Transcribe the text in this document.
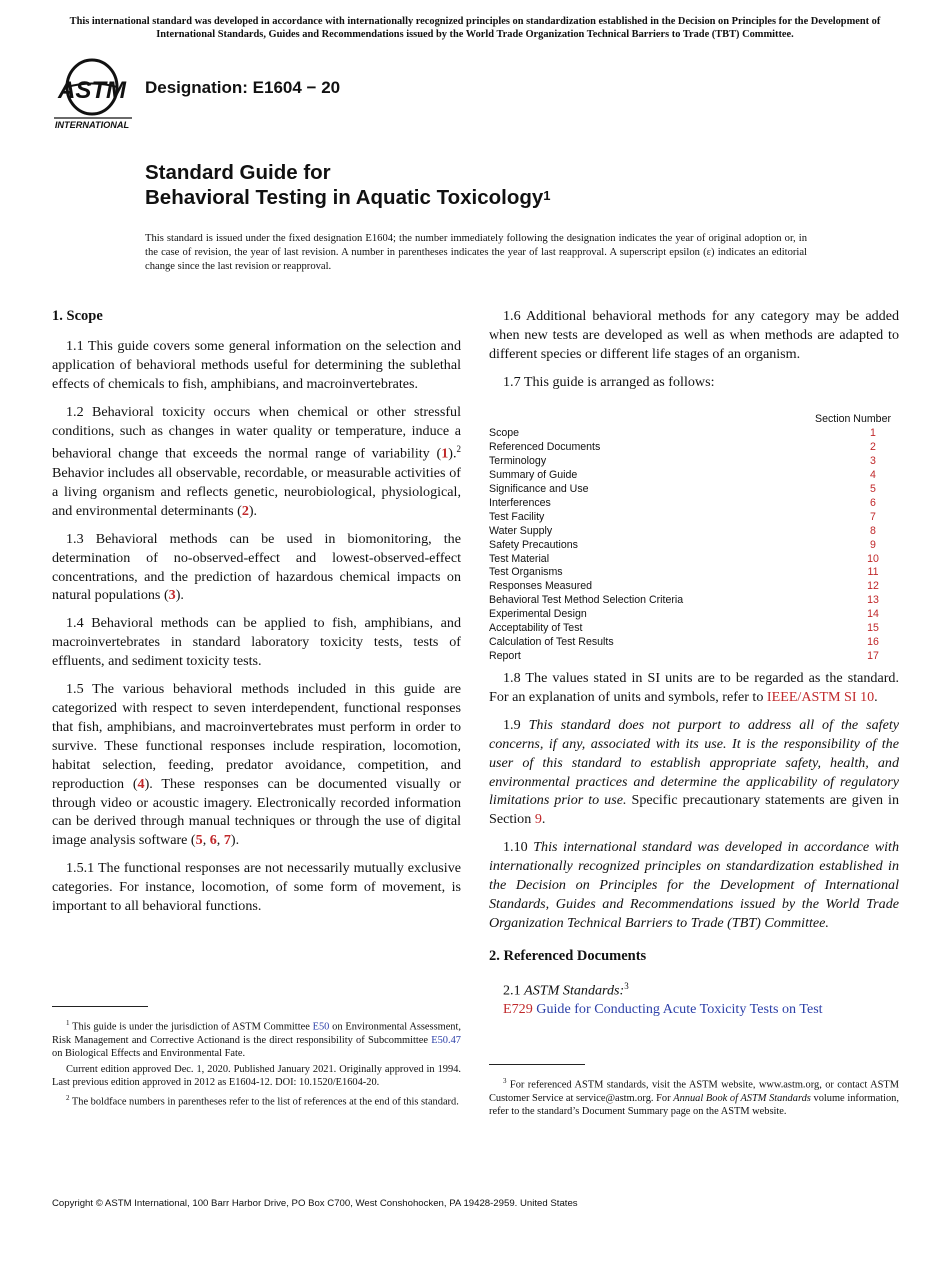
This international standard was developed in accordance with internationally recognized principles on standardization established in the Decision on Principles for the Development of International Standards, Guides and Recommendations issued by the World Trade Organization Technical Barriers to Trade (TBT) Committee.
ASTM
INTERNATIONAL
Designation: E1604 − 20
Standard Guide for
Behavioral Testing in Aquatic Toxicology$^1$
This standard is issued under the fixed designation E1604; the number immediately following the designation indicates the year of original adoption or, in the case of revision, the year of last revision. A number in parentheses indicates the year of last reapproval. A superscript epsilon (ε) indicates an editorial change since the last revision or reapproval.
1. Scope

1.1 This guide covers some general information on the selection and application of behavioral methods useful for determining the sublethal effects of chemicals to fish, amphibians, and macroinvertebrates.

1.2 Behavioral toxicity occurs when chemical or other stressful conditions, such as changes in water quality or temperature, induce a behavioral change that exceeds the normal range of variability (1).$^2$ Behavior includes all observable, recordable, or measurable activities of a living organism and reflects genetic, neurobiological, physiological, and environmental determinants (2).

1.3 Behavioral methods can be used in biomonitoring, the determination of no-observed-effect and lowest-observed-effect concentrations, and the prediction of hazardous chemical impacts on natural populations (3).

1.4 Behavioral methods can be applied to fish, amphibians, and macroinvertebrates in standard laboratory toxicity tests, tests of effluents, and sediment toxicity tests.

1.5 The various behavioral methods included in this guide are categorized with respect to seven interdependent, functional responses that fish, amphibians, and macroinvertebrates must perform in order to survive. These functional responses include respiration, locomotion, habitat selection, feeding, predator avoidance, competition, and reproduction (4). These responses can be documented visually or through video or acoustic imagery. Electronically recorded information can be derived through manual techniques or through the use of digital image analysis software (5, 6, 7).

1.5.1 The functional responses are not necessarily mutually exclusive categories. For instance, locomotion, of some form of movement, is important to all behavioral functions.

$^1$ This guide is under the jurisdiction of ASTM Committee E50 on Environmental Assessment, Risk Management and Corrective Actionand is the direct responsibility of Subcommittee E50.47 on Biological Effects and Environmental Fate.

Current edition approved Dec. 1, 2020. Published January 2021. Originally approved in 1994. Last previous edition approved in 2012 as E1604-12. DOI: 10.1520/E1604-20.

$^2$ The boldface numbers in parentheses refer to the list of references at the end of this standard.

1.6 Additional behavioral methods for any category may be added when new tests are developed as well as when methods are adapted to different species or different life stages of an organism.

1.7 This guide is arranged as follows:

Section Number
Scope	1
Referenced Documents	2
Terminology	3
Summary of Guide	4
Significance and Use	5
Interferences	6
Test Facility	7
Water Supply	8
Safety Precautions	9
Test Material	10
Test Organisms	11
Responses Measured	12
Behavioral Test Method Selection Criteria	13
Experimental Design	14
Acceptability of Test	15
Calculation of Test Results	16
Report	17

1.8 The values stated in SI units are to be regarded as the standard. For an explanation of units and symbols, refer to IEEE/ASTM SI 10.

1.9 This standard does not purport to address all of the safety concerns, if any, associated with its use. It is the responsibility of the user of this standard to establish appropriate safety, health, and environmental practices and determine the applicability of regulatory limitations prior to use. Specific precautionary statements are given in Section 9.

1.10 This international standard was developed in accordance with internationally recognized principles on standardization established in the Decision on Principles for the Development of International Standards, Guides and Recommendations issued by the World Trade Organization Technical Barriers to Trade (TBT) Committee.

2. Referenced Documents

2.1 ASTM Standards:$^3$

E729 Guide for Conducting Acute Toxicity Tests on Test

$^3$ For referenced ASTM standards, visit the ASTM website, www.astm.org, or contact ASTM Customer Service at service@astm.org. For Annual Book of ASTM Standards volume information, refer to the standard’s Document Summary page on the ASTM website.

Copyright © ASTM International, 100 Barr Harbor Drive, PO Box C700, West Conshohocken, PA 19428-2959. United States
